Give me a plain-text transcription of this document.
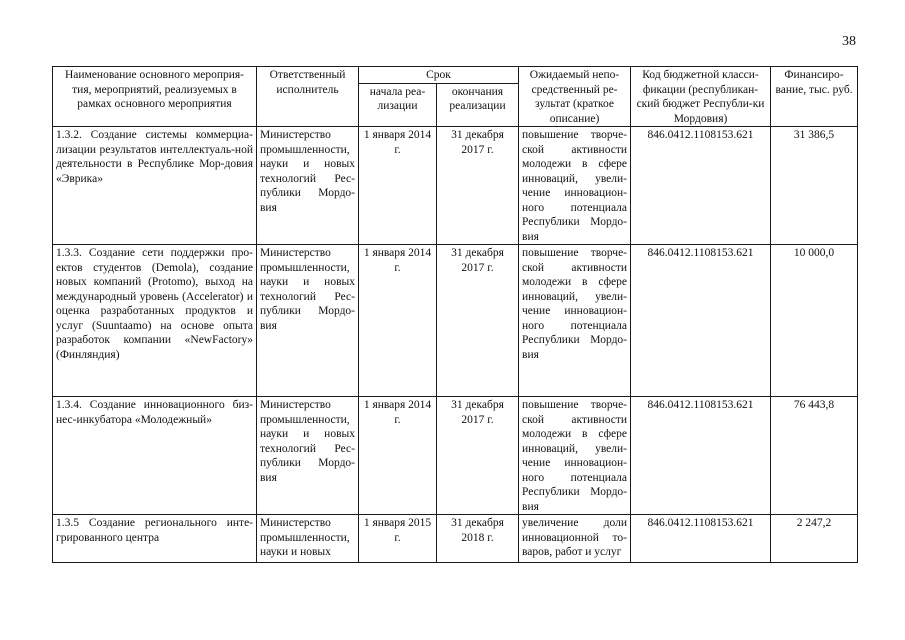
38
Наименование основного мероприя-тия, мероприятий, реализуемых в рамках основного мероприятия	Ответственный исполнитель	Срок		Ожидаемый непо-средственный ре-зультат (краткое описание)	Код бюджетной класси-фикации (республикан-ский бюджет Республи-ки Мордовия)	Финансиро-вание, тыс. руб.
		начала реа-лизации	окончания реализации			
1.3.2. Создание системы коммерциа-лизации результатов интеллектуаль-ной деятельности в Республике Мор-довия «Эврика»	Министерство промышленности, науки и новых технологий Рес-публики Мордо-вия	1 января 2014 г.	31 декабря 2017 г.	повышение творче-ской активности молодежи в сфере инноваций, увели-чение инновацион-ного потенциала Республики Мордо-вия	846.0412.1108153.621	31 386,5
1.3.3. Создание сети поддержки про-ектов студентов (Demola), создание новых компаний (Protomo), выход на международный уровень (Accelerator) и оценка разработанных продуктов и услуг (Suuntaamo) на основе опыта разработок компании «NewFactory» (Финляндия)	Министерство промышленности, науки и новых технологий Рес-публики Мордо-вия	1 января 2014 г.	31 декабря 2017 г.	повышение творче-ской активности молодежи в сфере инноваций, увели-чение инновацион-ного потенциала Республики Мордо-вия	846.0412.1108153.621	10 000,0
1.3.4. Создание инновационного биз-нес-инкубатора «Молодежный»	Министерство промышленности, науки и новых технологий Рес-публики Мордо-вия	1 января 2014 г.	31 декабря 2017 г.	повышение творче-ской активности молодежи в сфере инноваций, увели-чение инновацион-ного потенциала Республики Мордо-вия	846.0412.1108153.621	76 443,8
1.3.5 Создание регионального инте-грированного центра	Министерство промышленности, науки и новых	1 января 2015 г.	31 декабря 2018 г.	увеличение доли инновационной то-варов, работ и услуг	846.0412.1108153.621	2 247,2
